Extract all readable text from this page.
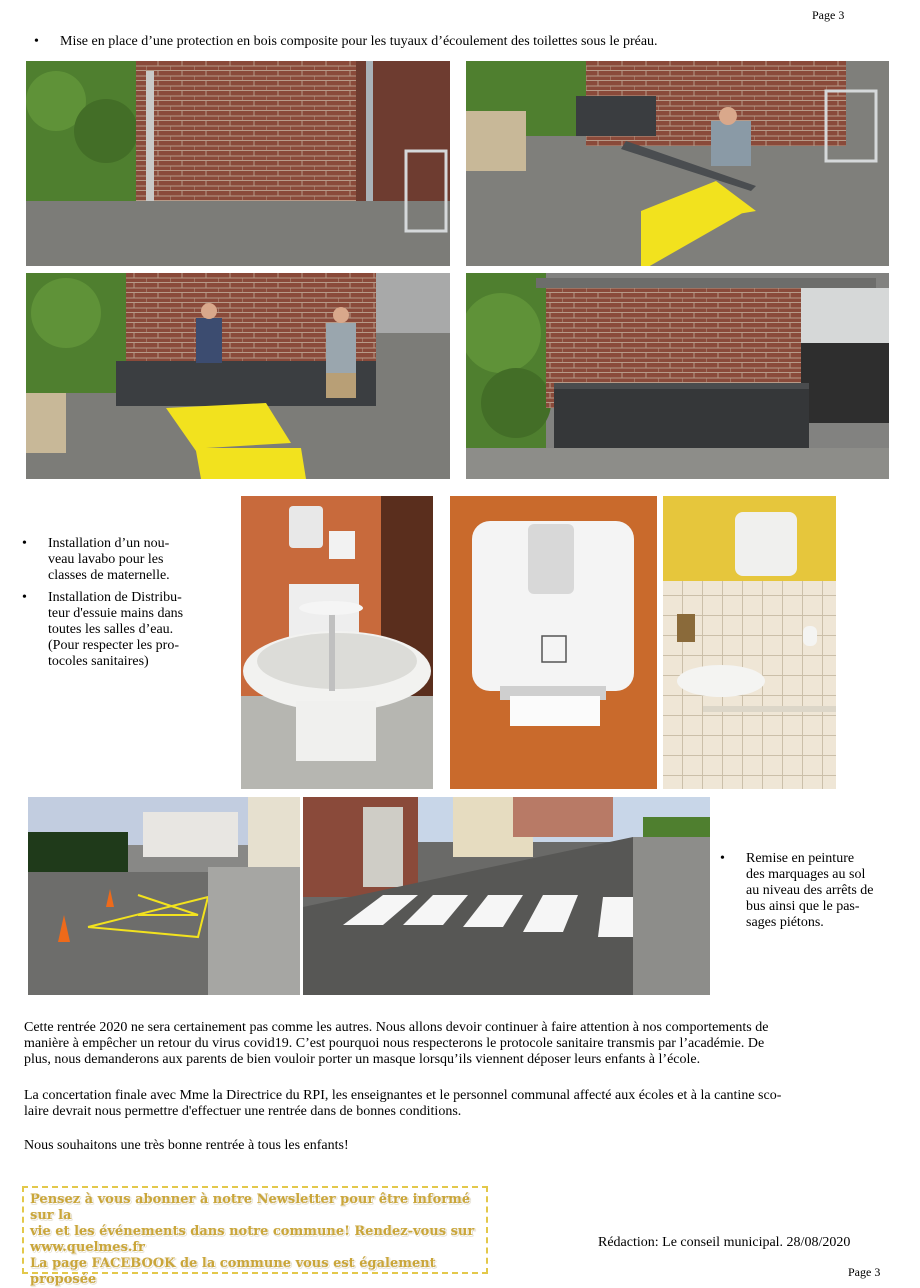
Page 3
Page 3
• Mise en place d’une protection en bois composite pour les tuyaux d’écoulement des toilettes sous le préau.
• Installation d’un nou-
veau lavabo pour les
classes de maternelle.
• Installation de Distribu-
teur d'essuie mains dans
toutes les salles d’eau.
(Pour respecter les pro-
tocoles sanitaires)
• Remise en peinture
des marquages au sol
au niveau des arrêts de
bus ainsi que le pas-
sages piétons.
Cette rentrée 2020 ne sera certainement pas comme les autres. Nous allons devoir continuer à faire attention à nos comportements de
manière à empêcher un retour du virus covid19. C’est pourquoi nous respecterons le protocole sanitaire transmis par l’académie. De
plus, nous demanderons aux parents de bien vouloir porter un masque lorsqu’ils viennent déposer leurs enfants à l’école.
La concertation finale avec Mme la Directrice du RPI, les enseignantes et le personnel communal affecté aux écoles et à la cantine sco-
laire devrait nous permettre d'effectuer une rentrée dans de bonnes conditions.
Nous souhaitons une très bonne rentrée à tous les enfants!
Pensez à vous abonner à notre Newsletter pour être informé sur la
vie et les événements dans notre commune! Rendez-vous sur
www.quelmes.fr
La page FACEBOOK de la commune vous est également proposée
Rédaction: Le conseil municipal. 28/08/2020
